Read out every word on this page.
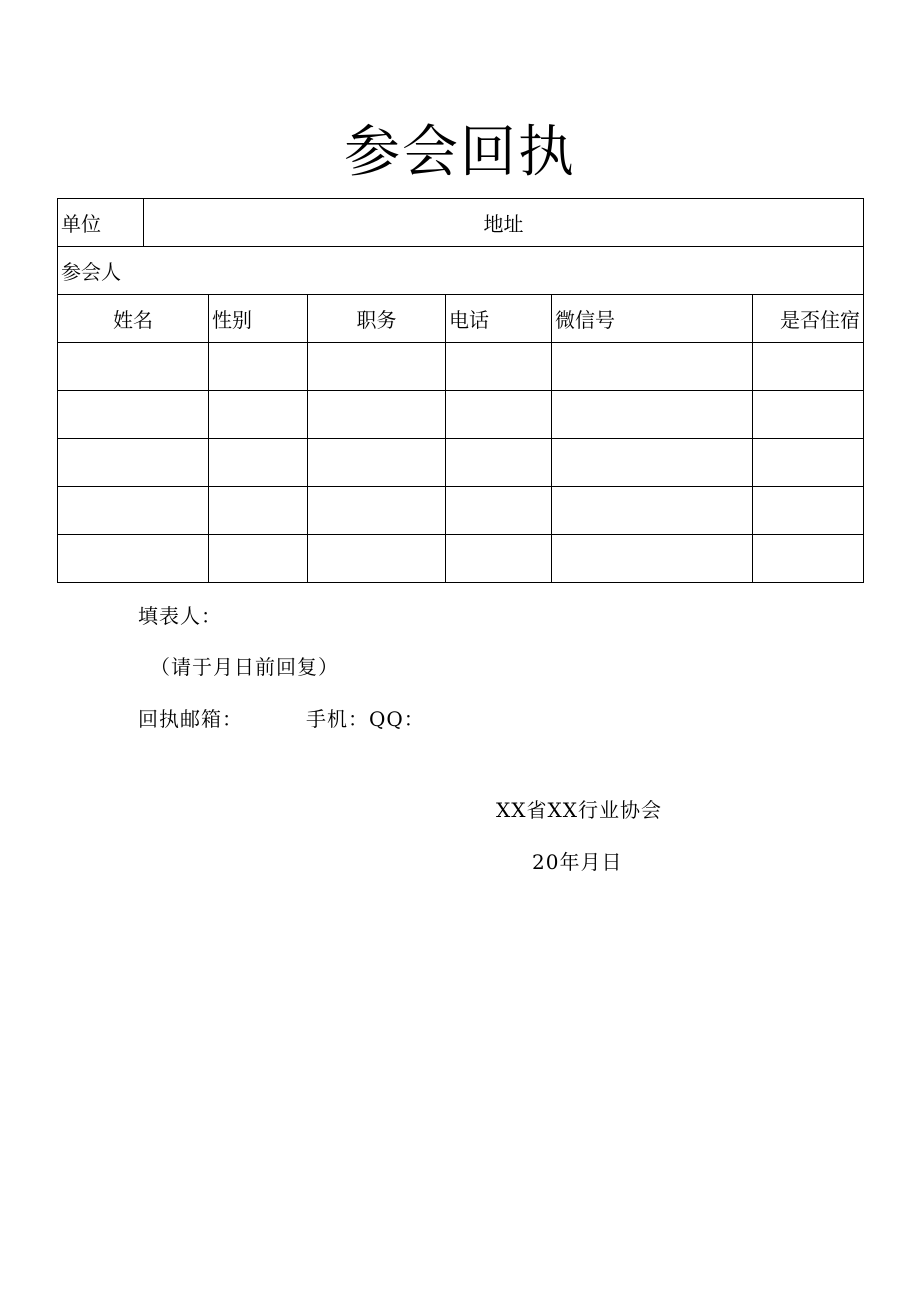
参会回执
单位	地址					
参会人						
姓名		性别	职务	电话	微信号	是否住宿

填表人：
（请于月日前回复）
回执邮箱：	手机：QQ：
XX省XX行业协会
20年月日
